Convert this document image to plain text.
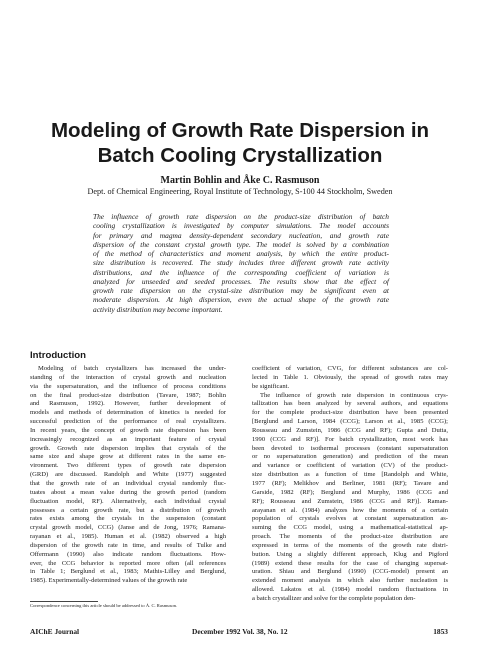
Modeling of Growth Rate Dispersion in
Batch Cooling Crystallization

Martin Bohlin and Åke C. Rasmuson

Dept. of Chemical Engineering, Royal Institute of Technology, S-100 44 Stockholm, Sweden

The influence of growth rate dispersion on the product-size distribution of batch
cooling crystallization is investigated by computer simulations. The model accounts
for primary and magma density-dependent secondary nucleation, and growth rate
dispersion of the constant crystal growth type. The model is solved by a combination
of the method of characteristics and moment analysis, by which the entire product-
size distribution is recovered. The study includes three different growth rate activity
distributions, and the influence of the corresponding coefficient of variation is
analyzed for unseeded and seeded processes. The results show that the effect of
growth rate dispersion on the crystal-size distribution may be significant even at
moderate dispersion. At high dispersion, even the actual shape of the growth rate
activity distribution may become important.
Introduction
Modeling of batch crystallizers has increased the under-
standing of the interaction of crystal growth and nucleation
via the supersaturation, and the influence of process conditions
on the final product-size distribution (Tavare, 1987; Bohlin
and Rasmuson, 1992). However, further development of
models and methods of determination of kinetics is needed for
successful prediction of the performance of real crystallizers.
In recent years, the concept of growth rate dispersion has been
increasingly recognized as an important feature of crystal
growth. Growth rate dispersion implies that crystals of the
same size and shape grow at different rates in the same en-
vironment. Two different types of growth rate dispersion
(GRD) are discussed. Randolph and White (1977) suggested
that the growth rate of an individual crystal randomly fluc-
tuates about a mean value during the growth period (random
fluctuation model, RF). Alternatively, each individual crystal
possesses a certain growth rate, but a distribution of growth
rates exists among the crystals in the suspension (constant
crystal growth model, CCG) (Janse and de Jong, 1976; Ramana-
rayanan et al., 1985). Human et al. (1982) observed a high
dispersion of the growth rate in time, and results of Tulke and
Offermann (1990) also indicate random fluctuations. How-
ever, the CCG behavior is reported more often (all references
in Table 1; Berglund et al., 1983; Mathis-Lilley and Berglund,
1985). Experimentally-determined values of the growth rate
coefficient of variation, CVG, for different substances are col-
lected in Table 1. Obviously, the spread of growth rates may
be significant.
The influence of growth rate dispersion in continuous crys-
tallization has been analyzed by several authors, and equations
for the complete product-size distribution have been presented
[Berglund and Larson, 1984 (CCG); Larson et al., 1985 (CCG);
Rousseau and Zumstein, 1986 (CCG and RF); Gupta and Dutta,
1990 (CCG and RF)]. For batch crystallization, most work has
been devoted to isothermal processes (constant supersaturation
or no supersaturation generation) and prediction of the mean
and variance or coefficient of variation (CV) of the product-
size distribution as a function of time [Randolph and White,
1977 (RF); Melikhov and Berliner, 1981 (RF); Tavare and
Garside, 1982 (RF); Berglund and Murphy, 1986 (CCG and
RF); Rousseau and Zumstein, 1986 (CCG and RF)]. Raman-
arayanan et al. (1984) analyzes how the moments of a certain
population of crystals evolves at constant supersaturation as-
suming the CCG model, using a mathematical-statistical ap-
proach. The moments of the product-size distribution are
expressed in terms of the moments of the growth rate distri-
bution. Using a slightly different approach, Klug and Pigford
(1989) extend these results for the case of changing supersat-
uration. Shiau and Berglund (1990) (CCG-model) present an
extended moment analysis in which also further nucleation is
allowed. Lakatos et al. (1984) model random fluctuations in
a batch crystallizer and solve for the complete population den-
Correspondence concerning this article should be addressed to Å. C. Rasmuson.
AIChE Journal	December 1992 Vol. 38, No. 12	1853
